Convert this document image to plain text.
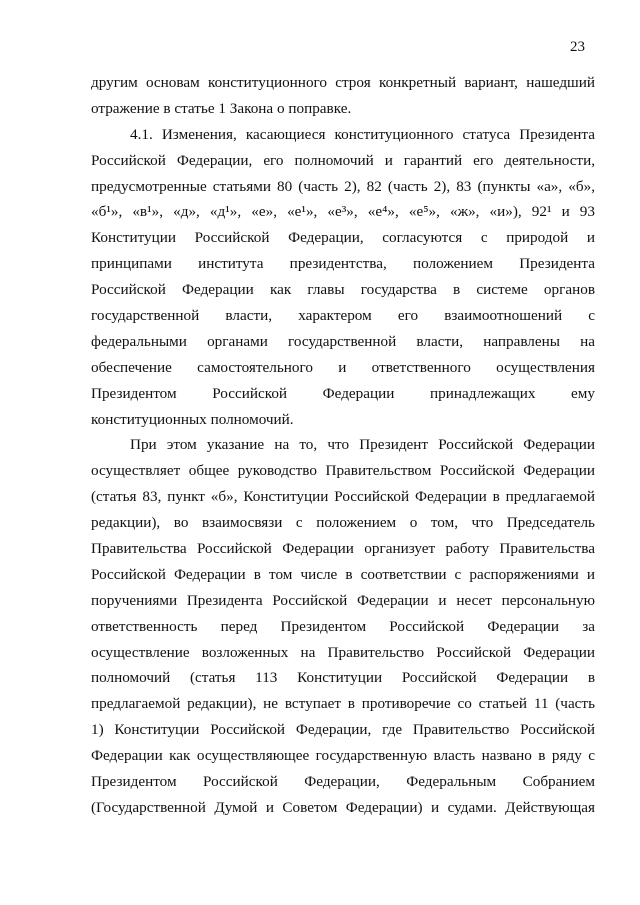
23
другим основам конституционного строя конкретный вариант, нашедший
отражение в статье 1 Закона о поправке.
4.1. Изменения, касающиеся конституционного статуса Президента
Российской Федерации, его полномочий и гарантий его деятельности,
предусмотренные статьями 80 (часть 2), 82 (часть 2), 83 (пункты «а», «б»,
«б¹», «в¹», «д», «д¹», «е», «е¹», «е³», «е⁴», «е⁵», «ж», «и»), 92¹ и 93
Конституции Российской Федерации, согласуются с природой и
принципами института президентства, положением Президента
Российской Федерации как главы государства в системе органов
государственной власти, характером его взаимоотношений с
федеральными органами государственной власти, направлены на
обеспечение самостоятельного и ответственного осуществления
Президентом Российской Федерации принадлежащих ему
конституционных полномочий.
При этом указание на то, что Президент Российской Федерации
осуществляет общее руководство Правительством Российской Федерации
(статья 83, пункт «б», Конституции Российской Федерации в предлагаемой
редакции), во взаимосвязи с положением о том, что Председатель
Правительства Российской Федерации организует работу Правительства
Российской Федерации в том числе в соответствии с распоряжениями и
поручениями Президента Российской Федерации и несет персональную
ответственность перед Президентом Российской Федерации за
осуществление возложенных на Правительство Российской Федерации
полномочий (статья 113 Конституции Российской Федерации в
предлагаемой редакции), не вступает в противоречие со статьей 11 (часть
1) Конституции Российской Федерации, где Правительство Российской
Федерации как осуществляющее государственную власть названо в ряду с
Президентом Российской Федерации, Федеральным Собранием
(Государственной Думой и Советом Федерации) и судами. Действующая
